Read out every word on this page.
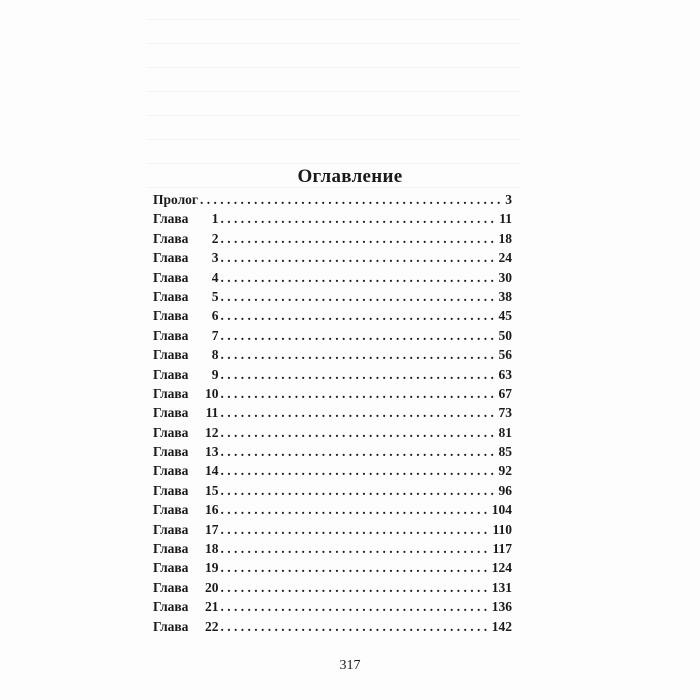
Оглавление
Пролог . . .	3
Глава	1 . . .	11
Глава	2 . . .	18
Глава	3 . . .	24
Глава	4 . . .	30
Глава	5 . . .	38
Глава	6 . . .	45
Глава	7 . . .	50
Глава	8 . . .	56
Глава	9 . . .	63
Глава	10 . . .	67
Глава	11 . . .	73
Глава	12 . . .	81
Глава	13 . . .	85
Глава	14 . . .	92
Глава	15 . . .	96
Глава	16 . . .	104
Глава	17 . . .	110
Глава	18 . . .	117
Глава	19 . . .	124
Глава	20 . . .	131
Глава	21 . . .	136
Глава	22 . . .	142
317
